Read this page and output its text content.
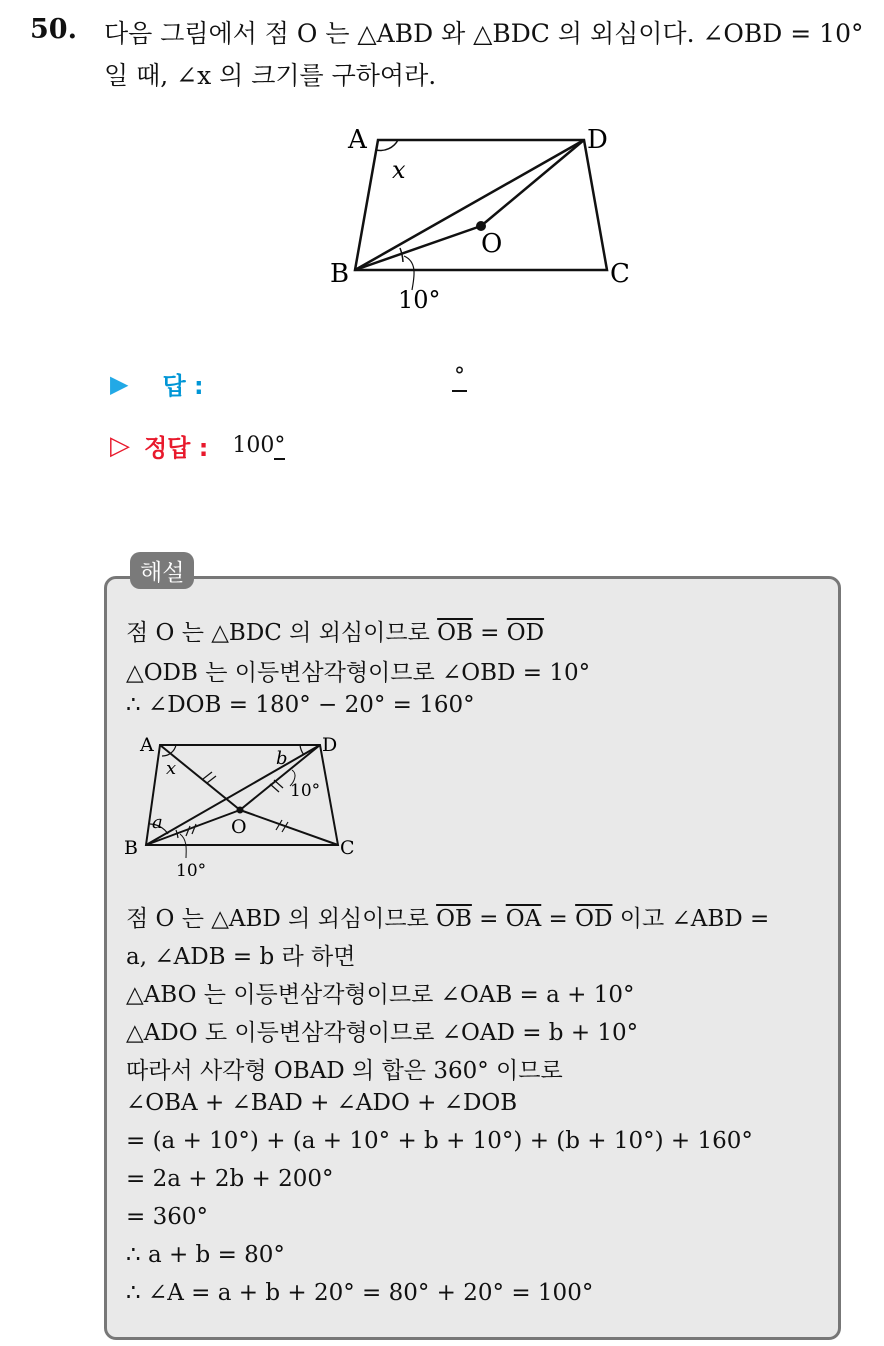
50. 다음 그림에서 점 O 는 △ABD 와 △BDC 의 외심이다. ∠OBD = 10°
일 때, ∠x 의 크기를 구하여라.
A	D
B	C
O
x
10°
▶ 답 :	°
▷ 정답 : 100°
해설
점 O 는 △BDC 의 외심이므로 $\overline{OB} = \overline{OD}$
△ODB 는 이등변삼각형이므로 ∠OBD = 10°
∴ ∠DOB = 180° − 20° = 160°
A	D
B	C
O
x
a
b
10°
10°
점 O 는 △ABD 의 외심이므로 $\overline{OB} = \overline{OA} = \overline{OD}$ 이고 ∠ABD =
a, ∠ADB = b 라 하면
△ABO 는 이등변삼각형이므로 ∠OAB = a + 10°
△ADO 도 이등변삼각형이므로 ∠OAD = b + 10°
따라서 사각형 OBAD 의 합은 360° 이므로
∠OBA + ∠BAD + ∠ADO + ∠DOB
= (a + 10°) + (a + 10° + b + 10°) + (b + 10°) + 160°
= 2a + 2b + 200°
= 360°
∴ a + b = 80°
∴ ∠A = a + b + 20° = 80° + 20° = 100°
